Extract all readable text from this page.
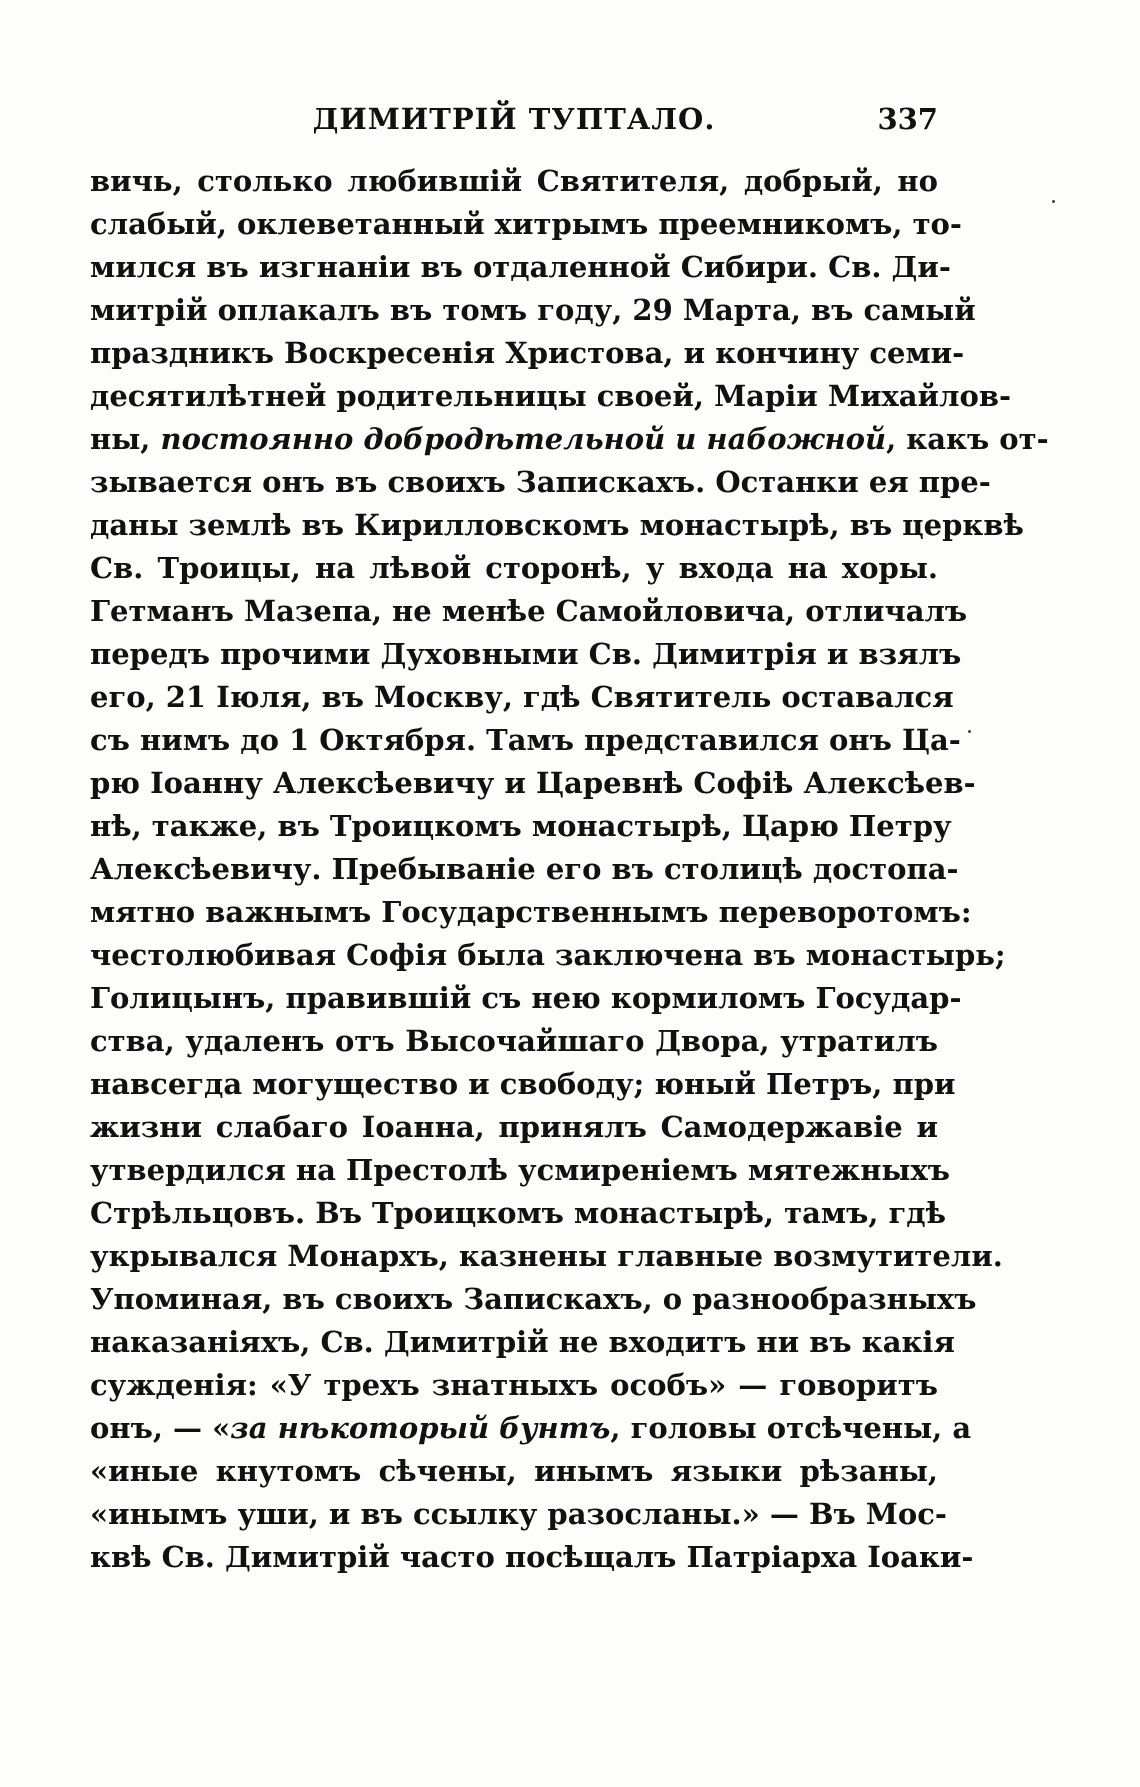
ДИМИТРІЙ ТУПТАЛО.	337
вичь, столько любившій Святителя, добрый, но
слабый, оклеветанный хитрымъ преемникомъ, то-
мился въ изгнаніи въ отдаленной Сибири. Св. Ди-
митрій оплакалъ въ томъ году, 29 Марта, въ самый
праздникъ Воскресенія Христова, и кончину семи-
десятилѣтней родительницы своей, Маріи Михайлов-
ны, постоянно добродѣтельной и набожной, какъ от-
зывается онъ въ своихъ Запискахъ. Останки ея пре-
даны землѣ въ Кирилловскомъ монастырѣ, въ церквѣ
Св. Троицы, на лѣвой сторонѣ, у входа на хоры.
Гетманъ Мазепа, не менѣе Самойловича, отличалъ
передъ прочими Духовными Св. Димитрія и взялъ
его, 21 Іюля, въ Москву, гдѣ Святитель оставался
съ нимъ до 1 Октября. Тамъ представился онъ Ца-
рю Іоанну Алексѣевичу и Царевнѣ Софіѣ Алексѣев-
нѣ, также, въ Троицкомъ монастырѣ, Царю Петру
Алексѣевичу. Пребываніе его въ столицѣ достопа-
мятно важнымъ Государственнымъ переворотомъ:
честолюбивая Софія была заключена въ монастырь;
Голицынъ, правившій съ нею кормиломъ Государ-
ства, удаленъ отъ Высочайшаго Двора, утратилъ
навсегда могущество и свободу; юный Петръ, при
жизни слабаго Іоанна, принялъ Самодержавіе и
утвердился на Престолѣ усмиреніемъ мятежныхъ
Стрѣльцовъ. Въ Троицкомъ монастырѣ, тамъ, гдѣ
укрывался Монархъ, казнены главные возмутители.
Упоминая, въ своихъ Запискахъ, о разнообразныхъ
наказаніяхъ, Св. Димитрій не входитъ ни въ какія
сужденія: «У трехъ знатныхъ особъ» — говоритъ
онъ, — «за нѣкоторый бунтъ, головы отсѣчены, а
«иные кнутомъ сѣчены, инымъ языки рѣзаны,
«инымъ уши, и въ ссылку разосланы.» — Въ Мос-
квѣ Св. Димитрій часто посѣщалъ Патріарха Іоаки-
